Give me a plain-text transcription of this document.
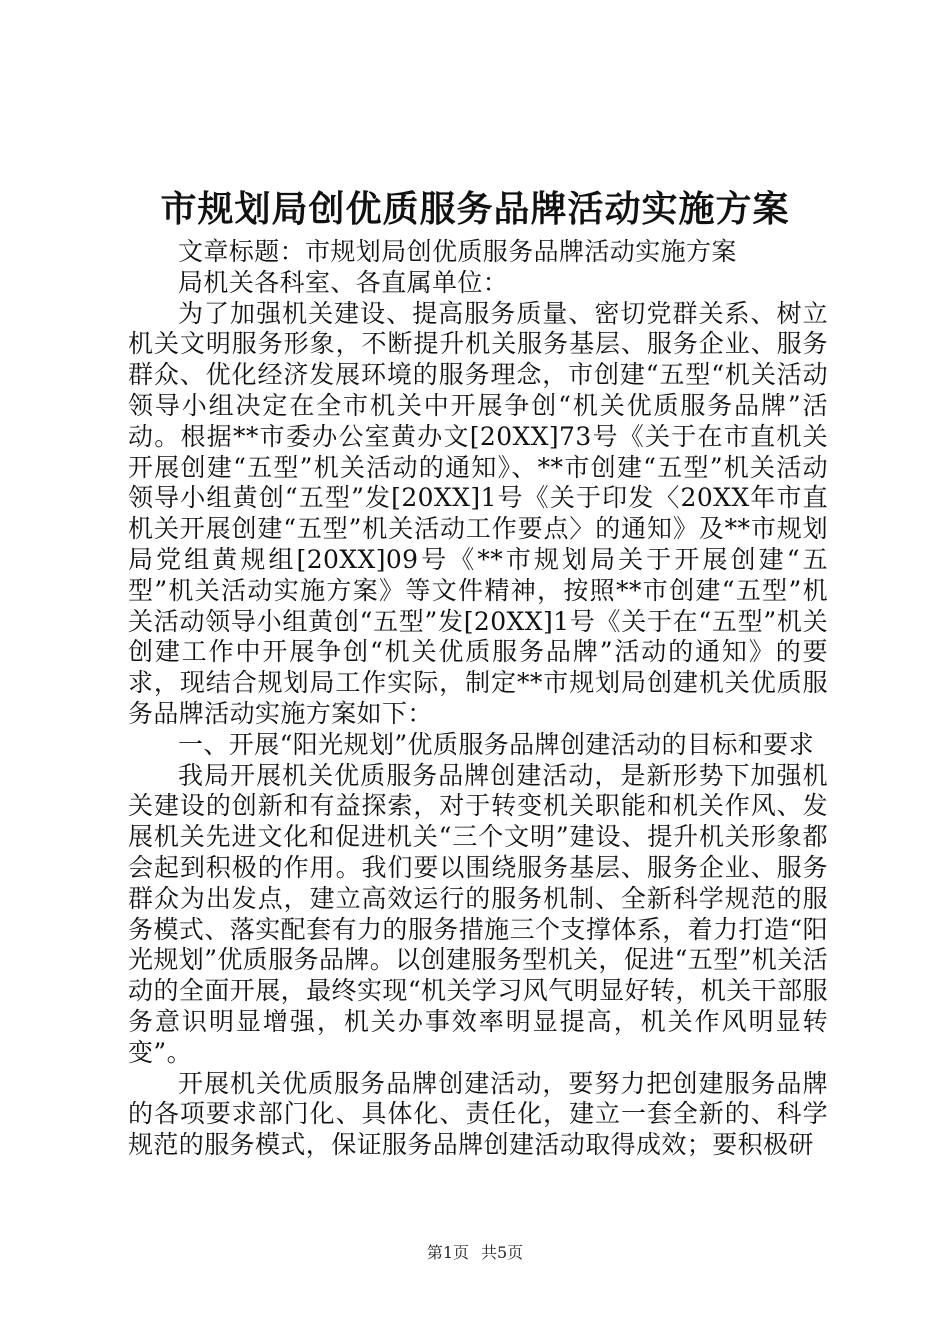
市规划局创优质服务品牌活动实施方案

文章标题：市规划局创优质服务品牌活动实施方案

局机关各科室、各直属单位：

为了加强机关建设、提高服务质量、密切党群关系、树立机关文明服务形象，不断提升机关服务基层、服务企业、服务群众、优化经济发展环境的服务理念，市创建“五型“机关活动领导小组决定在全市机关中开展争创“机关优质服务品牌”活动。根据**市委办公室黄办文[20XX]73号《关于在市直机关开展创建“五型”机关活动的通知》、**市创建“五型”机关活动领导小组黄创“五型”发[20XX]1号《关于印发〈20XX年市直机关开展创建“五型”机关活动工作要点〉的通知》及**市规划局党组黄规组[20XX]09号《**市规划局关于开展创建“五型”机关活动实施方案》等文件精神，按照**市创建“五型”机关活动领导小组黄创“五型”发[20XX]1号《关于在“五型”机关创建工作中开展争创“机关优质服务品牌”活动的通知》的要求，现结合规划局工作实际，制定**市规划局创建机关优质服务品牌活动实施方案如下：

一、开展“阳光规划”优质服务品牌创建活动的目标和要求

我局开展机关优质服务品牌创建活动，是新形势下加强机关建设的创新和有益探索，对于转变机关职能和机关作风、发展机关先进文化和促进机关“三个文明”建设、提升机关形象都会起到积极的作用。我们要以围绕服务基层、服务企业、服务群众为出发点，建立高效运行的服务机制、全新科学规范的服务模式、落实配套有力的服务措施三个支撑体系，着力打造“阳光规划”优质服务品牌。以创建服务型机关，促进“五型”机关活动的全面开展，最终实现“机关学习风气明显好转，机关干部服务意识明显增强，机关办事效率明显提高，机关作风明显转变”。

开展机关优质服务品牌创建活动，要努力把创建服务品牌的各项要求部门化、具体化、责任化，建立一套全新的、科学规范的服务模式，保证服务品牌创建活动取得成效；要积极研

第1页 共5页
